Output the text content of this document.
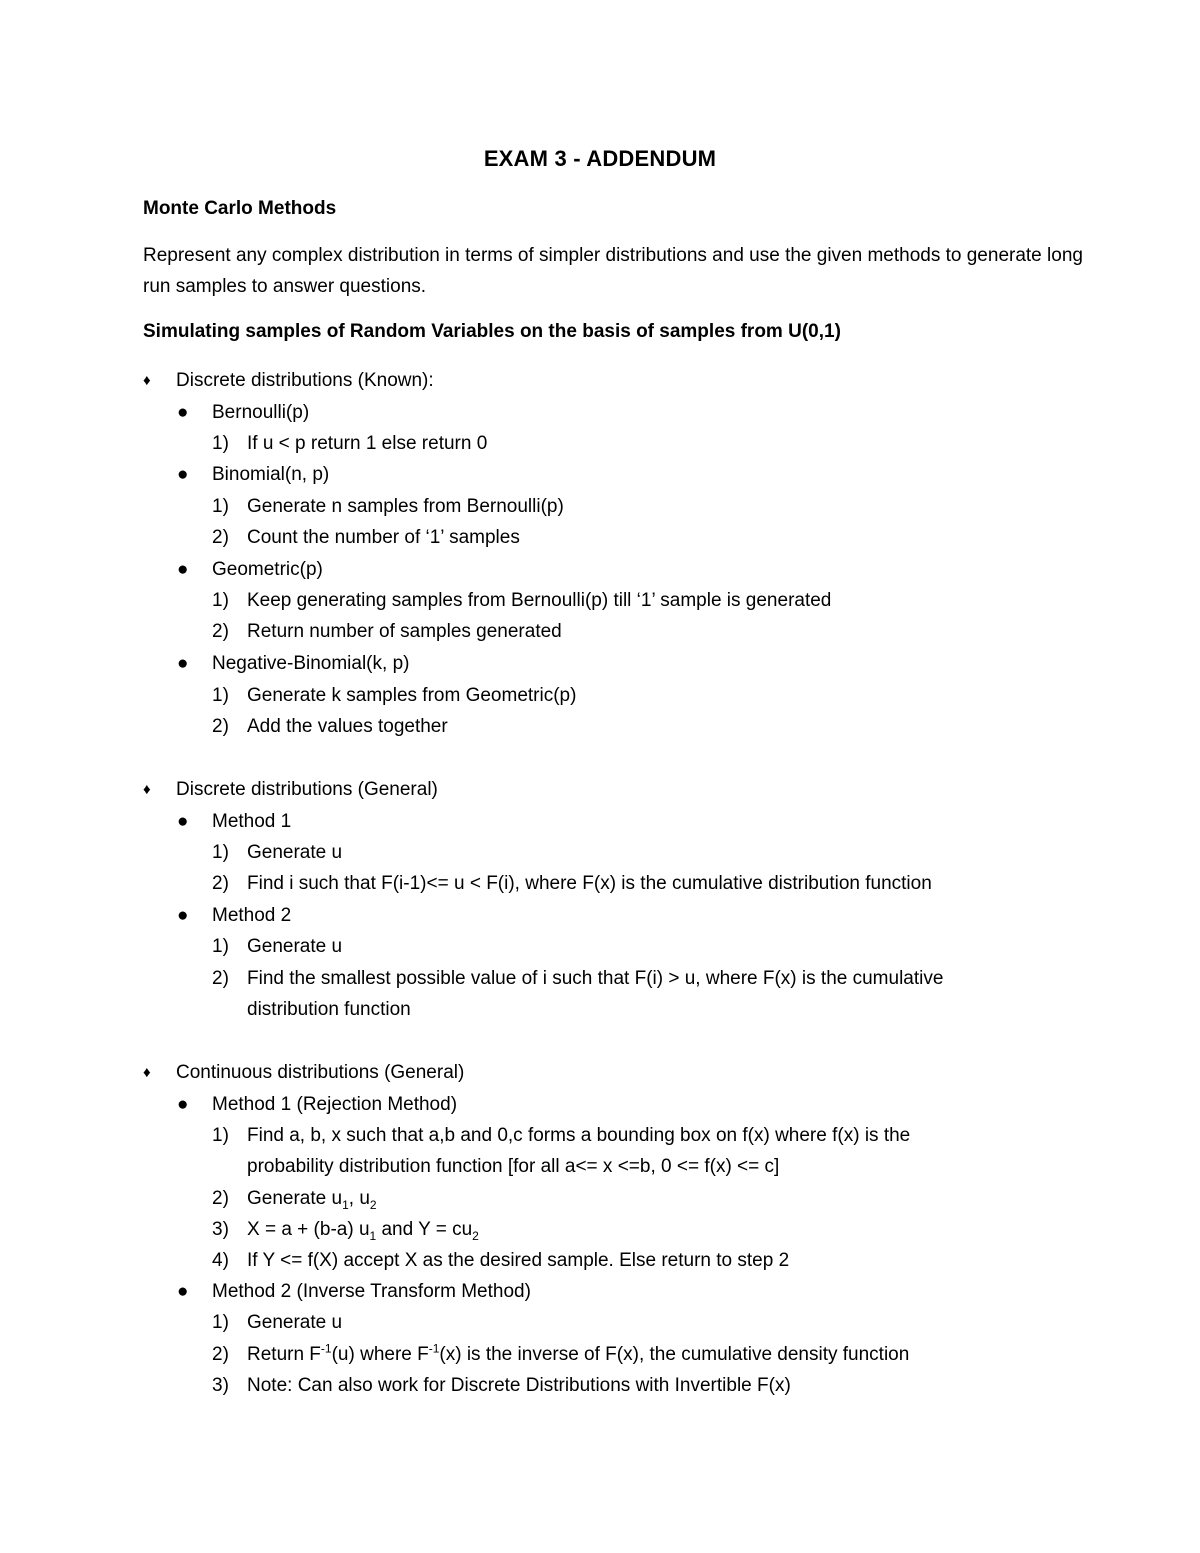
EXAM 3 - ADDENDUM
Monte Carlo Methods
Represent any complex distribution in terms of simpler distributions and use the given methods to generate long run samples to answer questions.
Simulating samples of Random Variables on the basis of samples from U(0,1)
♦ Discrete distributions (Known):
● Bernoulli(p)
1) If u < p return 1 else return 0
● Binomial(n, p)
1) Generate n samples from Bernoulli(p)
2) Count the number of ‘1’ samples
● Geometric(p)
1) Keep generating samples from Bernoulli(p) till ‘1’ sample is generated
2) Return number of samples generated
● Negative-Binomial(k, p)
1) Generate k samples from Geometric(p)
2) Add the values together
♦ Discrete distributions (General)
● Method 1
1) Generate u
2) Find i such that F(i-1)<= u < F(i), where F(x) is the cumulative distribution function
● Method 2
1) Generate u
2) Find the smallest possible value of i such that F(i) > u, where F(x) is the cumulative
distribution function
♦ Continuous distributions (General)
● Method 1 (Rejection Method)
1) Find a, b, x such that a,b and 0,c forms a bounding box on f(x) where f(x) is the
probability distribution function [for all a<= x <=b, 0 <= f(x) <= c]
2) Generate $u_1$, $u_2$
3) X = a + (b-a) $u_1$ and $Y = cu_2$
4) If Y <= f(X) accept X as the desired sample. Else return to step 2
● Method 2 (Inverse Transform Method)
1) Generate u
2) Return $F^{-1}(u)$ where $F^{-1}(x)$ is the inverse of F(x), the cumulative density function
3) Note: Can also work for Discrete Distributions with Invertible F(x)
